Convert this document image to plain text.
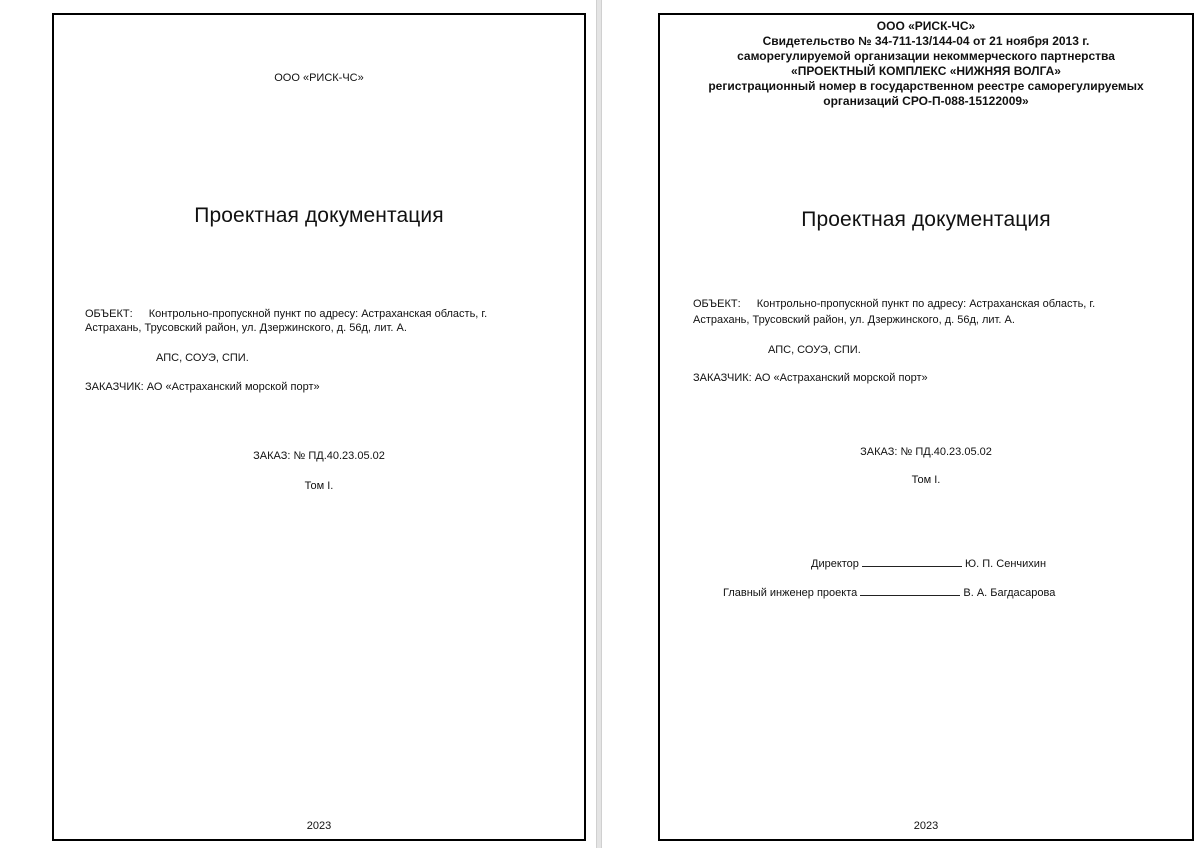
ООО «РИСК-ЧС»

Проектная документация

ОБЪЕКТ: Контрольно-пропускной пункт по адресу: Астраханская область, г.

Астрахань, Трусовский район, ул. Дзержинского, д. 56д, лит. А.

АПС, СОУЭ, СПИ.

ЗАКАЗЧИК: АО «Астраханский морской порт»

ЗАКАЗ: № ПД.40.23.05.02

Том I.

2023

ООО «РИСК-ЧС»
Свидетельство № 34-711-13/144-04 от 21 ноября 2013 г.
саморегулируемой организации некоммерческого партнерства
«ПРОЕКТНЫЙ КОМПЛЕКС «НИЖНЯЯ ВОЛГА»
регистрационный номер в государственном реестре саморегулируемых
организаций СРО-П-088-15122009»

Проектная документация

ОБЪЕКТ: Контрольно-пропускной пункт по адресу: Астраханская область, г.

Астрахань, Трусовский район, ул. Дзержинского, д. 56д, лит. А.

АПС, СОУЭ, СПИ.

ЗАКАЗЧИК: АО «Астраханский морской порт»

ЗАКАЗ: № ПД.40.23.05.02

Том I.

Директор	Ю. П. Сенчихин

Главный инженер проекта	В. А. Багдасарова

2023
